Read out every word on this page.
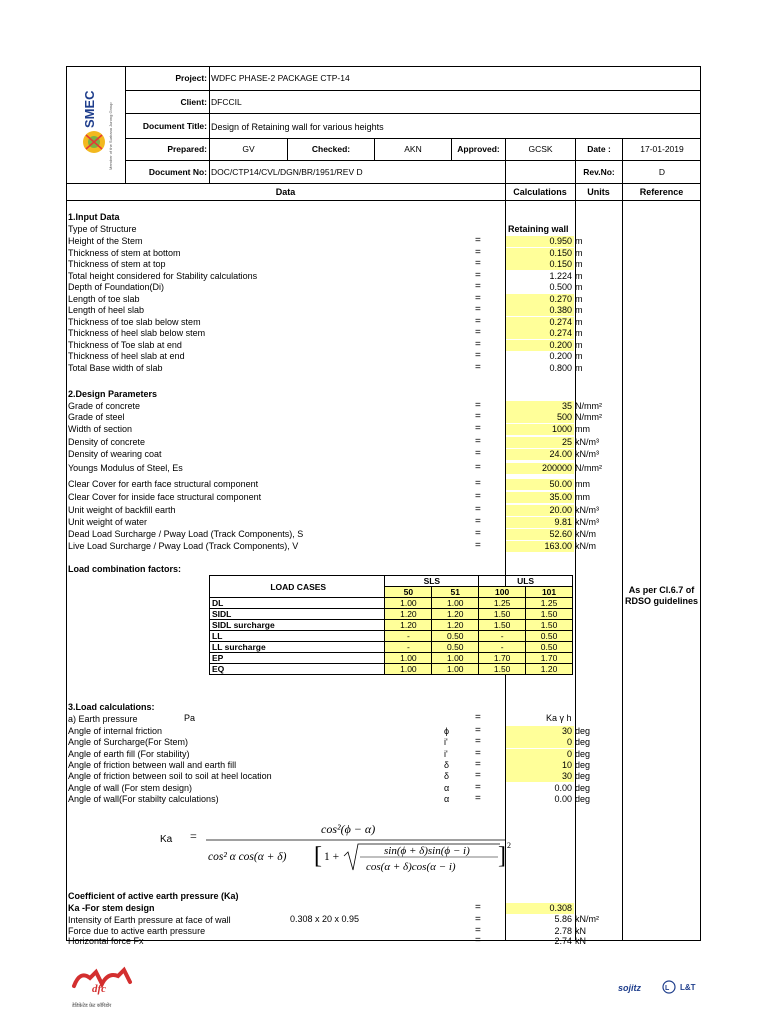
SMEC	Member of the Surbana Jurong Group
Project: WDFC PHASE-2 PACKAGE CTP-14
Client: DFCCIL
Document Title: Design of Retaining wall for various heights
Prepared:	GV	Checked:	AKN	Approved:	GCSK	Date :	17-01-2019
Document No: DOC/CTP14/CVL/DGN/BR/1951/REV D	Rev.No:	D
Data	Calculations	Units	Reference
1.Input Data
Type of Structure	Retaining wall
Height of the Stem	=	0.950 m
Thickness of stem at bottom	=	0.150 m
Thickness of stem at top	=	0.150 m
Total height considered for Stability calculations	=	1.224 m
Depth of Foundation(Di)	=	0.500 m
Length of toe slab	=	0.270 m
Length of heel slab	=	0.380 m
Thickness of toe slab below stem	=	0.274 m
Thickness of heel slab below stem	=	0.274 m
Thickness of Toe slab at end	=	0.200 m
Thickness of heel slab at end	=	0.200 m
Total Base width of slab	=	0.800 m
2.Design Parameters
Grade of concrete	=	35 N/mm²
Grade of steel	=	500 N/mm²
Width of section	=	1000 mm
Density of concrete	=	25 kN/m³
Density of wearing coat	=	24.00 kN/m³
Youngs Modulus of Steel, Es	=	200000 N/mm²
Clear Cover for earth face structural component	=	50.00 mm
Clear Cover for inside face structural component	=	35.00 mm
Unit weight of backfill earth	=	20.00 kN/m³
Unit weight of water	=	9.81 kN/m³
Dead Load Surcharge / Pway Load (Track Components), S	=	52.60 kN/m
Live Load Surcharge / Pway Load (Track Components), V	=	163.00 kN/m
Load combination factors:
LOAD CASES	SLS		ULS	
	50	51	100	101
DL	1.00	1.00	1.25	1.25
SIDL	1.20	1.20	1.50	1.50
SIDL surcharge	1.20	1.20	1.50	1.50
LL	-	0.50	-	0.50
LL surcharge	-	0.50	-	0.50
EP	1.00	1.00	1.70	1.70
EQ	1.00	1.00	1.50	1.20
As per Cl.6.7 of RDSO guidelines
3.Load calculations:
a) Earth pressure	Pa	=	Ka γ h
Angle of internal friction	ϕ	=	30 deg
Angle of Surcharge(For Stem)	i'	=	0 deg
Angle of earth fill (For stability)	i'	=	0 deg
Angle of friction between wall and earth fill	δ	=	10 deg
Angle of friction between soil to soil at heel location	δ	=	30 deg
Angle of wall (For stem design)	α	=	0.00 deg
Angle of wall(For stabilty calculations)	α	=	0.00 deg
Ka =	cos²(ϕ − α)
cos² α cos(α + δ) [ 1 +	sin(ϕ + δ)sin(ϕ − i)
cos(α + δ)cos(α − i) ] 2
Coefficient of active earth pressure (Ka)
Ka -For stem design	=	0.308
Intensity of Earth pressure at face of wall	0.308 x 20 x 0.95	=	5.86 kN/m²
Force due to active earth pressure	=	2.78 kN
Horizontal force Fx	=	2.74 kN
dfc
डेडिकेटेड फ्रेट कॉरिडोर
sojitz	L L&T
